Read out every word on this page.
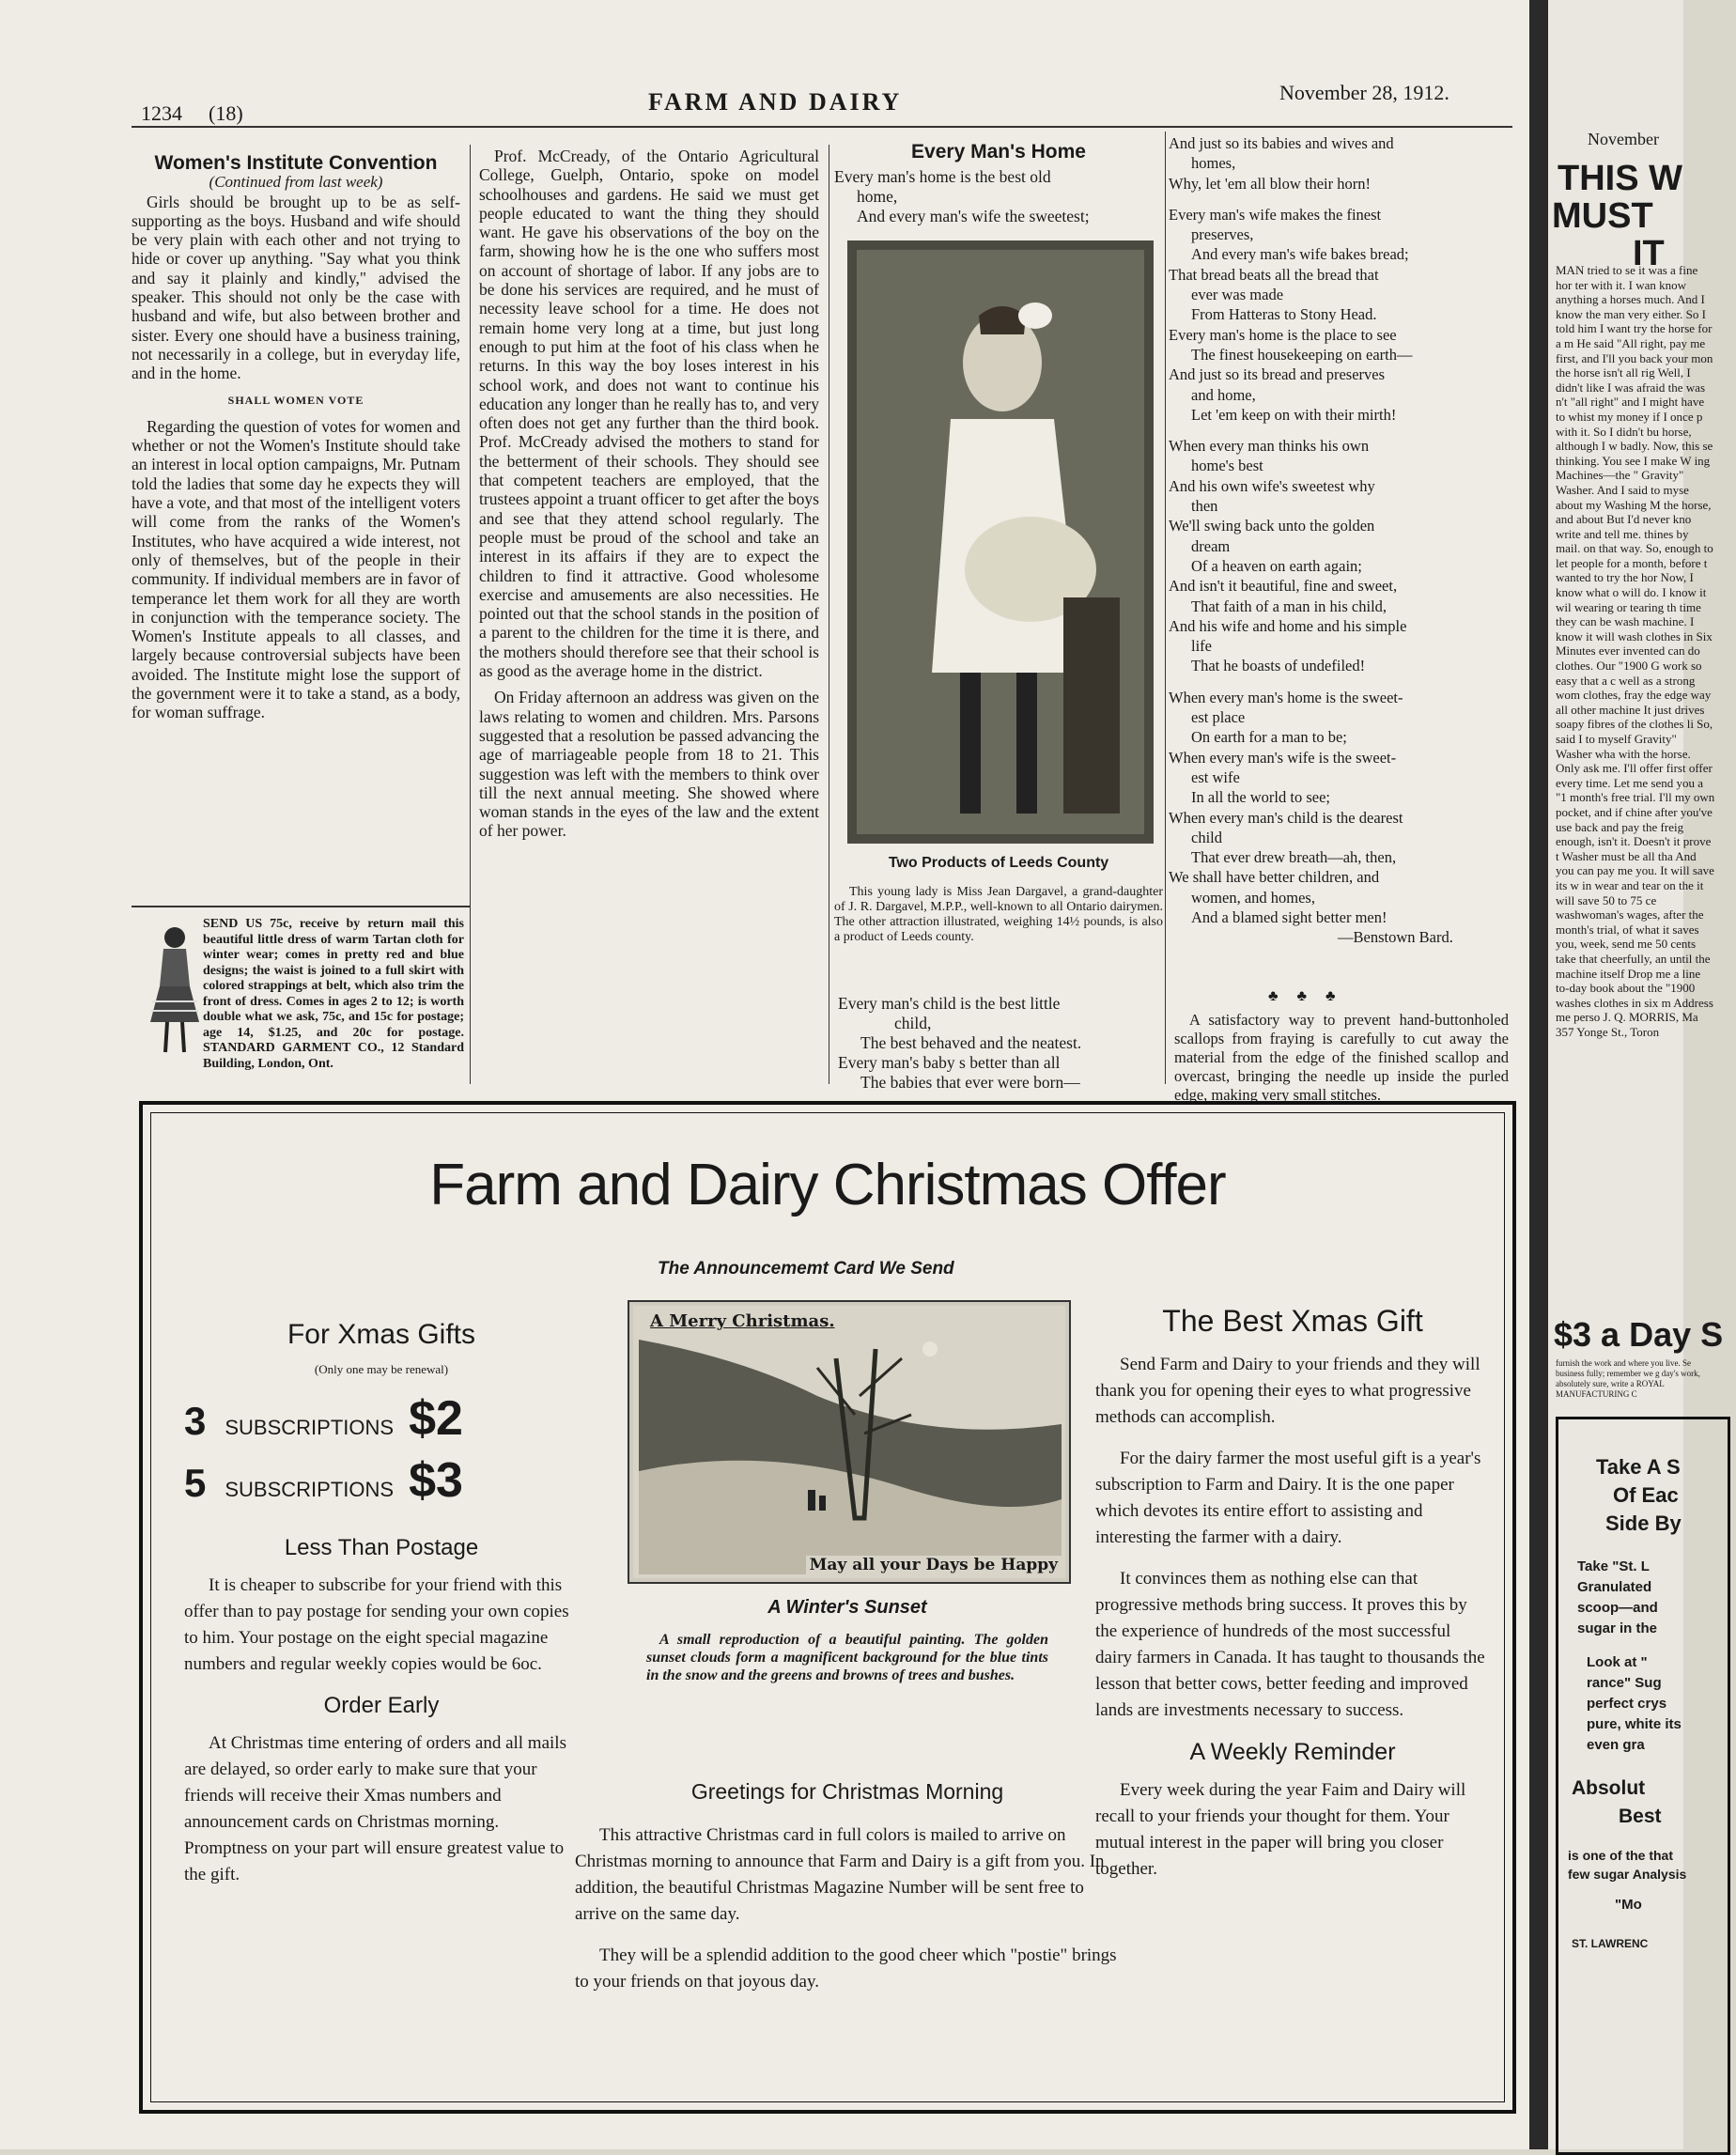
1234 (18)	FARM AND DAIRY	November 28, 1912.
Women's Institute Convention
(Continued from last week)

Girls should be brought up to be as self-supporting as the boys. Husband and wife should be very plain with each other and not trying to hide or cover up anything. "Say what you think and say it plainly and kindly," advised the speaker. This should not only be the case with husband and wife, but also between brother and sister. Every one should have a business training, not necessarily in a college, but in everyday life, and in the home.

SHALL WOMEN VOTE

Regarding the question of votes for women and whether or not the Women's Institute should take an interest in local option campaigns, Mr. Putnam told the ladies that some day he expects they will have a vote, and that most of the intelligent voters will come from the ranks of the Women's Institutes, who have acquired a wide interest, not only of themselves, but of the people in their community. If individual members are in favor of temperance let them work for all they are worth in conjunction with the temperance society. The Women's Institute appeals to all classes, and largely because controversial subjects have been avoided. The Institute might lose the support of the government were it to take a stand, as a body, for woman suffrage.

SEND US 75c, receive by return mail this beautiful little dress of warm Tartan cloth for winter wear; comes in pretty red and blue designs; the waist is joined to a full skirt with colored strappings at belt, which also trim the front of dress. Comes in ages 2 to 12; is worth double what we ask, 75c, and 15c for postage; age 14, $1.25, and 20c for postage. STANDARD GARMENT CO., 12 Standard Building, London, Ont.

Prof. McCready, of the Ontario Agricultural College, Guelph, Ontario, spoke on model schoolhouses and gardens. He said we must get people educated to want the thing they should want. He gave his observations of the boy on the farm, showing how he is the one who suffers most on account of shortage of labor. If any jobs are to be done his services are required, and he must of necessity leave school for a time. He does not remain home very long at a time, but just long enough to put him at the foot of his class when he returns. In this way the boy loses interest in his school work, and does not want to continue his education any longer than he really has to, and very often does not get any further than the third book. Prof. McCready advised the mothers to stand for the betterment of their schools. They should see that competent teachers are employed, that the trustees appoint a truant officer to get after the boys and see that they attend school regularly. The people must be proud of the school and take an interest in its affairs if they are to expect the children to find it attractive. Good wholesome exercise and amusements are also necessities. He pointed out that the school stands in the position of a parent to the children for the time it is there, and the mothers should therefore see that their school is as good as the average home in the district.

On Friday afternoon an address was given on the laws relating to women and children. Mrs. Parsons suggested that a resolution be passed advancing the age of marriageable people from 18 to 21. This suggestion was left with the members to think over till the next annual meeting. She showed where woman stands in the eyes of the law and the extent of her power.

Every Man's Home
Every man's home is the best old
home,
And every man's wife the sweetest;
Two Products of Leeds County
This young lady is Miss Jean Dargavel, a grand-daughter of J. R. Dargavel, M.P.P., well-known to all Ontario dairymen. The other attraction illustrated, weighing 14½ pounds, is also a product of Leeds county.
Every man's child is the best little
child,
The best behaved and the neatest.
Every man's baby s better than all
The babies that ever were born—
And just so its babies and wives and
homes,
Why, let 'em all blow their horn!
Every man's wife makes the finest
preserves,
And every man's wife bakes bread;
That bread beats all the bread that
ever was made
From Hatteras to Stony Head.
Every man's home is the place to see
The finest housekeeping on earth—
And just so its bread and preserves
and home,
Let 'em keep on with their mirth!
When every man thinks his own
home's best
And his own wife's sweetest why
then
We'll swing back unto the golden
dream
Of a heaven on earth again;
And isn't it beautiful, fine and sweet,
That faith of a man in his child,
And his wife and home and his simple
life
That he boasts of undefiled!
When every man's home is the sweet-
est place
On earth for a man to be;
When every man's wife is the sweet-
est wife
In all the world to see;
When every man's child is the dearest
child
That ever drew breath—ah, then,
We shall have better children, and
women, and homes,
And a blamed sight better men!
—Benstown Bard.
♣ ♣ ♣

A satisfactory way to prevent hand-buttonholed scallops from fraying is carefully to cut away the material from the edge of the finished scallop and overcast, bringing the needle up inside the purled edge, making very small stitches.

Farm and Dairy Christmas Offer
The Announcememt Card We Send
For Xmas Gifts
(Only one may be renewal)
3 SUBSCRIPTIONS $2
5 SUBSCRIPTIONS $3
Less Than Postage

It is cheaper to subscribe for your friend with this offer than to pay postage for sending your own copies to him. Your postage on the eight special magazine numbers and regular weekly copies would be 6oc.

Order Early

At Christmas time entering of orders and all mails are delayed, so order early to make sure that your friends will receive their Xmas numbers and announcement cards on Christmas morning. Promptness on your part will ensure greatest value to the gift.

A Merry Christmas.
May all your Days be Happy
A Winter's Sunset
A small reproduction of a beautiful painting. The golden sunset clouds form a magnificent background for the blue tints in the snow and the greens and browns of trees and bushes.
Greetings for Christmas Morning

This attractive Christmas card in full colors is mailed to arrive on Christmas morning to announce that Farm and Dairy is a gift from you. In addition, the beautiful Christmas Magazine Number will be sent free to arrive on the same day.

They will be a splendid addition to the good cheer which "postie" brings to your friends on that joyous day.

The Best Xmas Gift

Send Farm and Dairy to your friends and they will thank you for opening their eyes to what progressive methods can accomplish.

For the dairy farmer the most useful gift is a year's subscription to Farm and Dairy. It is the one paper which devotes its entire effort to assisting and interesting the farmer with a dairy.

It convinces them as nothing else can that progressive methods bring success. It proves this by the experience of hundreds of the most successful dairy farmers in Canada. It has taught to thousands the lesson that better cows, better feeding and improved lands are investments necessary to success.

A Weekly Reminder

Every week during the year Faim and Dairy will recall to your friends your thought for them. Your mutual interest in the paper will bring you closer together.

November
THIS W
MUST
IT
MAN tried to se it was a fine hor ter with it. I wan know anything a horses much. And I know the man very either. So I told him I want try the horse for a m He said "All right, pay me first, and I'll you back your mon the horse isn't all rig Well, I didn't like I was afraid the was n't "all right" and I might have to whist my money if I once p with it. So I didn't bu horse, although I w badly. Now, this se thinking. You see I make W ing Machines—the " Gravity" Washer. And I said to myse about my Washing M the horse, and about But I'd never kno write and tell me. thines by mail. on that way. So, enough to let people for a month, before t wanted to try the hor Now, I know what o will do. I know it wil wearing or tearing th time they can be wash machine. I know it will wash clothes in Six Minutes ever invented can do clothes. Our "1900 G work so easy that a c well as a strong wom clothes, fray the edge way all other machine It just drives soapy fibres of the clothes li So, said I to myself Gravity" Washer wha with the horse. Only ask me. I'll offer first offer every time. Let me send you a "1 month's free trial. I'll my own pocket, and if chine after you've use back and pay the freig enough, isn't it. Doesn't it prove t Washer must be all tha And you can pay me you. It will save its w in wear and tear on the it will save 50 to 75 ce washwoman's wages, after the month's trial, of what it saves you, week, send me 50 cents take that cheerfully, an until the machine itself Drop me a line to-day book about the "1900 washes clothes in six m Address me perso J. Q. MORRIS, Ma 357 Yonge St., Toron
$3 a Day S
furnish the work and where you live. Se business fully; remember we g day's work, absolutely sure, write a ROYAL MANUFACTURING C
Take A S
Of Eac
Side By
Take "St. L Granulated scoop—and sugar in the
Look at " rance" Sug perfect crys pure, white its even gra
Absolut
Best
is one of the that few sugar Analysis
"Mo
ST. LAWRENC
